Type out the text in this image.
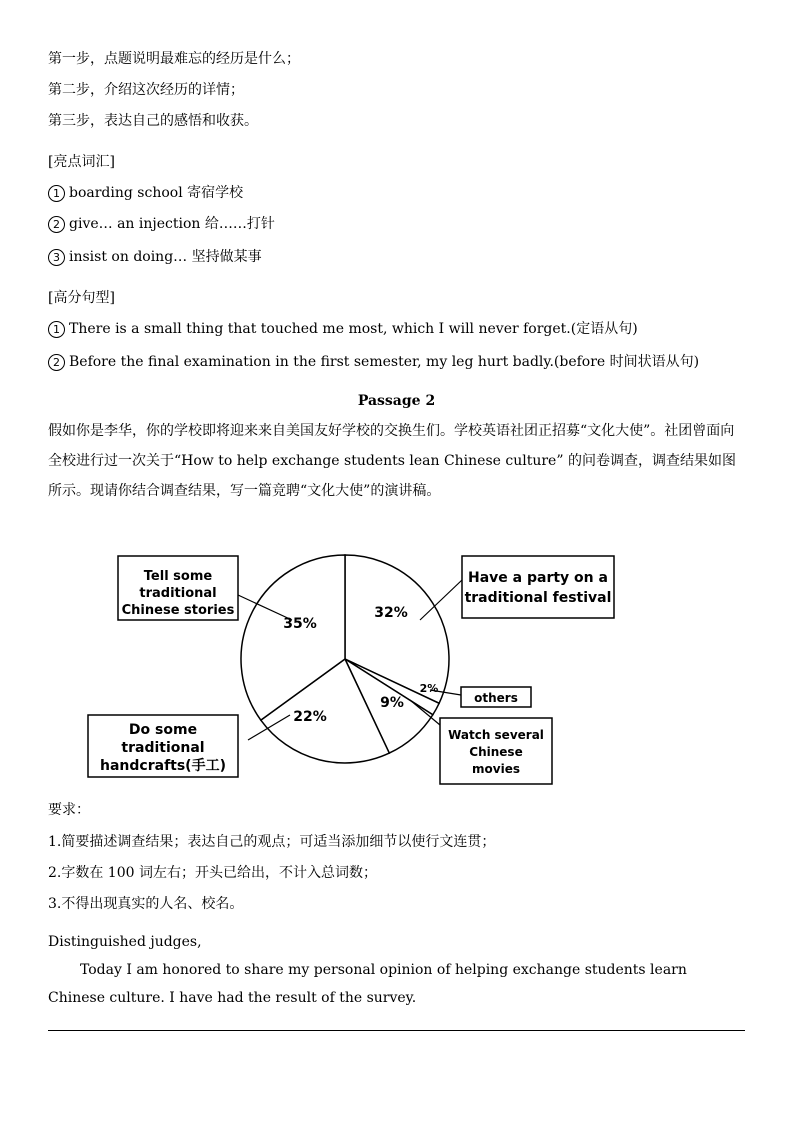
第一步，点题说明最难忘的经历是什么；
第二步，介绍这次经历的详情；
第三步，表达自己的感悟和收获。
[亮点词汇]
1 boarding school 寄宿学校
2 give… an injection 给……打针
3 insist on doing… 坚持做某事
[高分句型]
1 There is a small thing that touched me most, which I will never forget.(定语从句)
2 Before the final examination in the first semester, my leg hurt badly.(before 时间状语从句)
Passage 2
假如你是李华，你的学校即将迎来来自美国友好学校的交换生们。学校英语社团正招募“文化大使”。社团曾面向全校进行过一次关于“How to help exchange students lean Chinese culture” 的问卷调查，调查结果如图所示。现请你结合调查结果，写一篇竞聘“文化大使”的演讲稿。
32%
2%
9%
22%
35%
Tell some traditional Chinese stories
Have a party on a traditional festival
others
Watch several Chinese movies
Do some traditional handcrafts(手工)
要求：
1.简要描述调查结果；表达自己的观点；可适当添加细节以使行文连贯；
2.字数在 100 词左右；开头已给出，不计入总词数；
3.不得出现真实的人名、校名。
Distinguished judges,
Today I am honored to share my personal opinion of helping exchange students learn Chinese culture. I have had the result of the survey.
